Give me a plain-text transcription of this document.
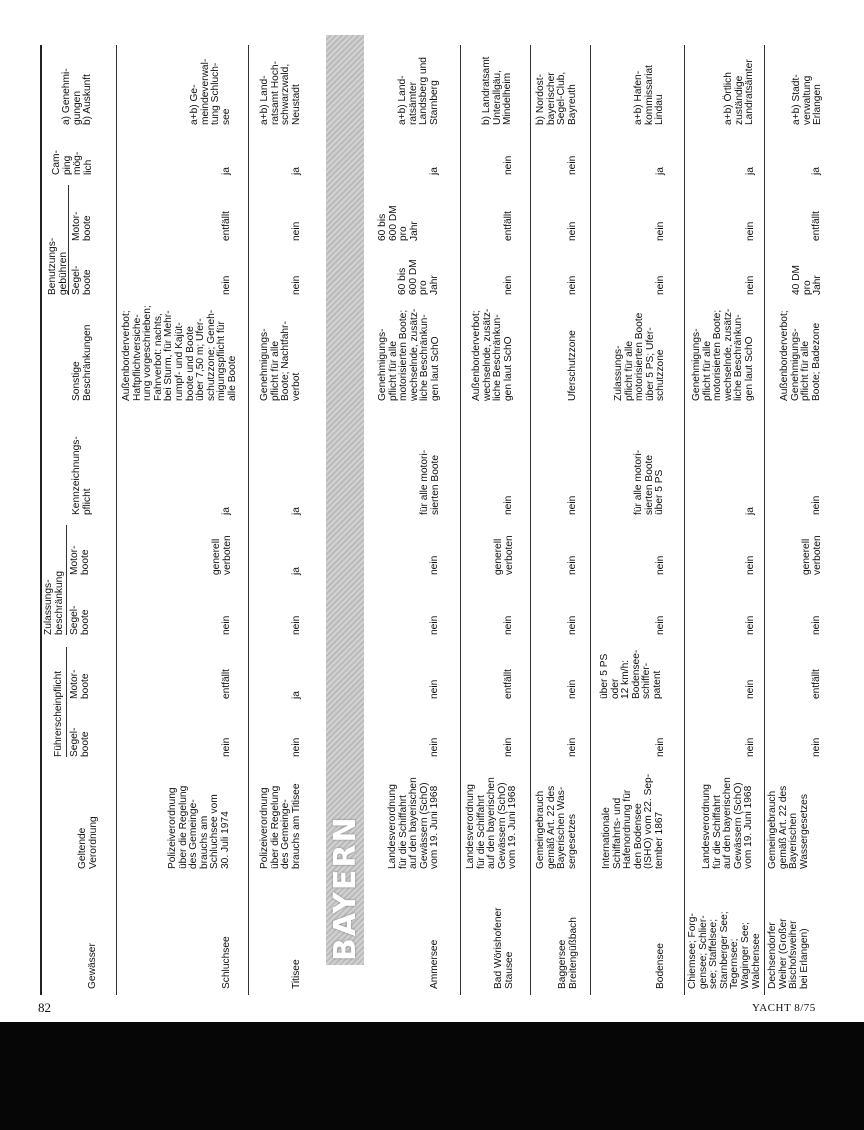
82	YACHT 8/75
Gewässer
Geltende
Verordnung
Führerscheinpflicht Segel-
boote
Motor-
boote
Zulassungs-
beschränkung Segel-
boote
Motor-
boote
Kennzeichnungs-
pflicht
Sonstige
Beschränkungen
Benutzungs-
gebühren Segel-
boote
Motor-
boote
Cam-
ping
mög-
lich
a) Genehmi-
gungen
b) Auskunft
Schluchsee
Polizeiverordnung
über die Regelung
des Gemeinge-
brauchs am
Schluchsee vom
30. Juli 1974
nein
entfällt
nein
generell
verboten
ja
Außenborderverbot;
Haftpflichtversiche-
rung vorgeschrieben;
Fahrverbot: nachts,
bei Sturm, für Mehr-
rumpf- und Kajüt-
boote und Boote
über 7,50 m; Ufer-
schutzzone; Geneh-
migungspflicht für
alle Boote
nein
entfällt
ja
a+b) Ge-
meindeverwal-
tung Schluch-
see
Titisee
Polizeiverordnung
über die Regelung
des Gemeinge-
brauchs am Titisee
nein
ja
nein
ja
ja
Genehmigungs-
pflicht für alle
Boote; Nachtfahr-
verbot
nein
nein
ja
a+b) Land-
ratsamt Hoch-
schwarzwald,
Neustadt
BAYERN
Ammersee
Landesverordnung
für die Schiffahrt
auf den bayerischen
Gewässern (SchO)
vom 19. Juni 1968
nein
nein
nein
nein
für alle motori-
sierten Boote
Genehmigungs-
pflicht für alle
motorisierten Boote;
wechselnde, zusätz-
liche Beschränkun-
gen laut SchO
60 bis
600 DM
pro
Jahr
60 bis
600 DM
pro
Jahr
ja
a+b) Land-
ratsämter
Landsberg und
Starnberg
Bad Wörishofener
Stausee
Landesverordnung
für die Schiffahrt
auf den bayerischen
Gewässern (SchO)
vom 19. Juni 1968
nein
entfällt
nein
generell
verboten
nein
Außenborderverbot;
wechselnde, zusätz-
liche Beschränkun-
gen laut SchO
nein
entfällt
nein
b) Landratsamt
Unterallgäu,
Mindelheim
Baggersee
Breitengüßbach
Gemeingebrauch
gemäß Art. 22 des
Bayerischen Was-
sergesetzes
nein
nein
nein
nein
nein
Uferschutzzone
nein
nein
nein
b) Nordost-
bayerischer
Segel-Club,
Bayreuth
Bodensee
Internationale
Schiffahrts- und
Hafenordnung für
den Bodensee
(ISHO) vom 22. Sep-
tember 1867
nein
über 5 PS
oder
12 km/h:
Bodensee-
schiffer-
patent
nein
nein
für alle motori-
sierten Boote
über 5 PS
Zulassungs-
pflicht für alle
motorisierten Boote
über 5 PS; Ufer-
schutzzone
nein
nein
ja
a+b) Hafen-
kommissariat
Lindau
Chiemsee; Forg-
gensee; Schlier-
see; Staffelsee;
Starnberger See;
Tegernsee;
Waginger See;
Walchensee
Landesverordnung
für die Schiffahrt
auf den bayerischen
Gewässern (SchO)
vom 19. Juni 1968
nein
nein
nein
nein
ja
Genehmigungs-
pflicht für alle
motorisierten Boote;
wechselnde, zusätz-
liche Beschränkun-
gen laut SchO
nein
nein
ja
a+b) Örtlich
zuständige
Landratsämter
Dechsendorfer
Weiher (Großer
Bischofsweiher
bei Erlangen)
Gemeingebrauch
gemäß Art. 22 des
Bayerischen
Wassergesetzes
nein
entfällt
nein
generell
verboten
nein
Außenborderverbot;
Genehmigungs-
pflicht für alle
Boote; Badezone
40 DM
pro
Jahr
entfällt
ja
a+b) Stadt-
verwaltung
Erlangen
